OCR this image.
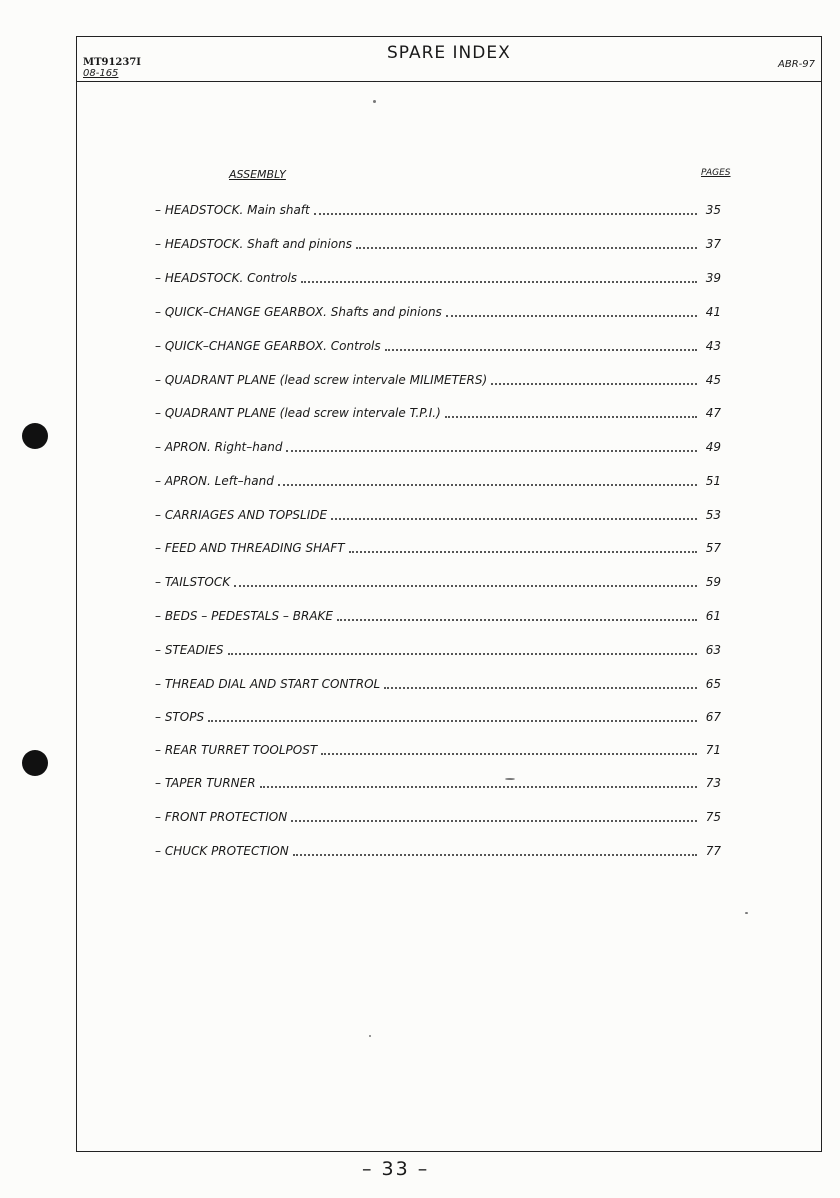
MT91237I
08-165
SPARE INDEX
ABR-97
ASSEMBLY	PAGES
– HEADSTOCK. Main shaft	35
– HEADSTOCK. Shaft and pinions	37
– HEADSTOCK. Controls	39
– QUICK–CHANGE GEARBOX. Shafts and pinions	41
– QUICK–CHANGE GEARBOX. Controls	43
– QUADRANT PLANE (lead screw intervale MILIMETERS)	45
– QUADRANT PLANE (lead screw intervale T.P.I.)	47
– APRON. Right–hand	49
– APRON. Left–hand	51
– CARRIAGES AND TOPSLIDE	53
– FEED AND THREADING SHAFT	57
– TAILSTOCK	59
– BEDS – PEDESTALS – BRAKE	61
– STEADIES	63
– THREAD DIAL AND START CONTROL	65
– STOPS	67
– REAR TURRET TOOLPOST	71
– TAPER TURNER	73
– FRONT PROTECTION	75
– CHUCK PROTECTION	77
– 33 –
